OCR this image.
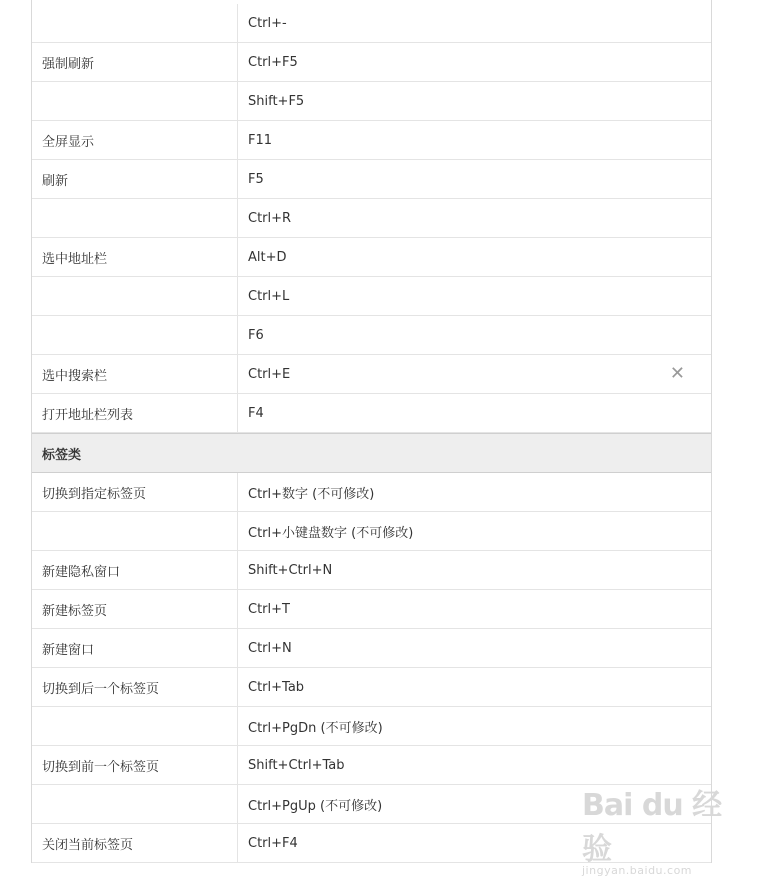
Ctrl+-
强制刷新	Ctrl+F5
Shift+F5
全屏显示	F11
刷新	F5
Ctrl+R
选中地址栏	Alt+D
Ctrl+L
F6
选中搜索栏	Ctrl+E	✕
打开地址栏列表	F4
标签类
切换到指定标签页	Ctrl+数字 (不可修改)
Ctrl+小键盘数字 (不可修改)
新建隐私窗口	Shift+Ctrl+N
新建标签页	Ctrl+T
新建窗口	Ctrl+N
切换到后一个标签页	Ctrl+Tab
Ctrl+PgDn (不可修改)
切换到前一个标签页	Shift+Ctrl+Tab
Ctrl+PgUp (不可修改)
关闭当前标签页	Ctrl+F4
Bai du 经验
jingyan.baidu.com
